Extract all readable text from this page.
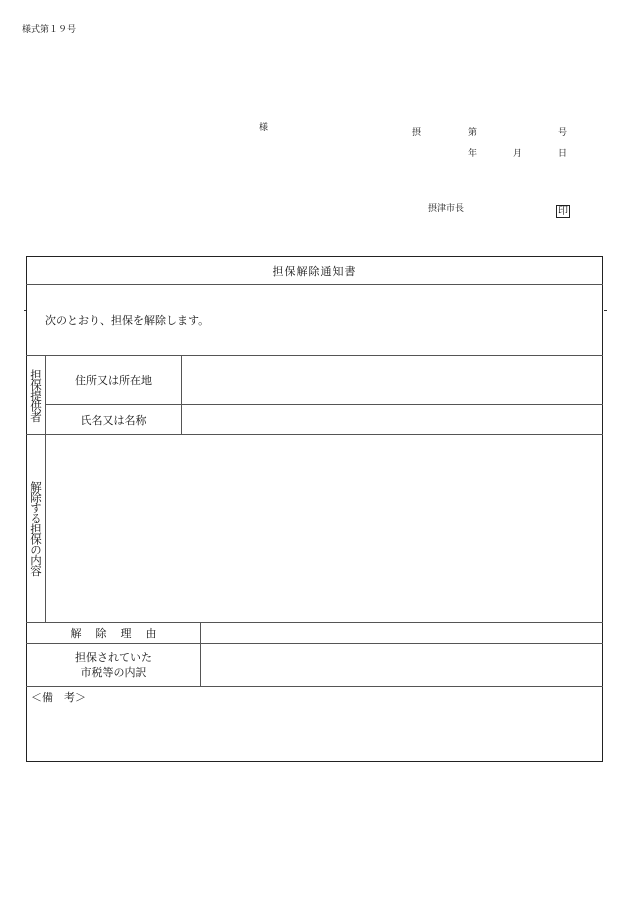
様式第１９号
様	摂	第	号
年	月	日
摂津市長	印
担保解除通知書			
次のとおり、担保を解除します。			

担保提供者	住所又は所在地		
	氏名又は名称		

解除する担保の内容			

解除理由			

担保されていた
市税等の内訳			

＜備　考＞			
